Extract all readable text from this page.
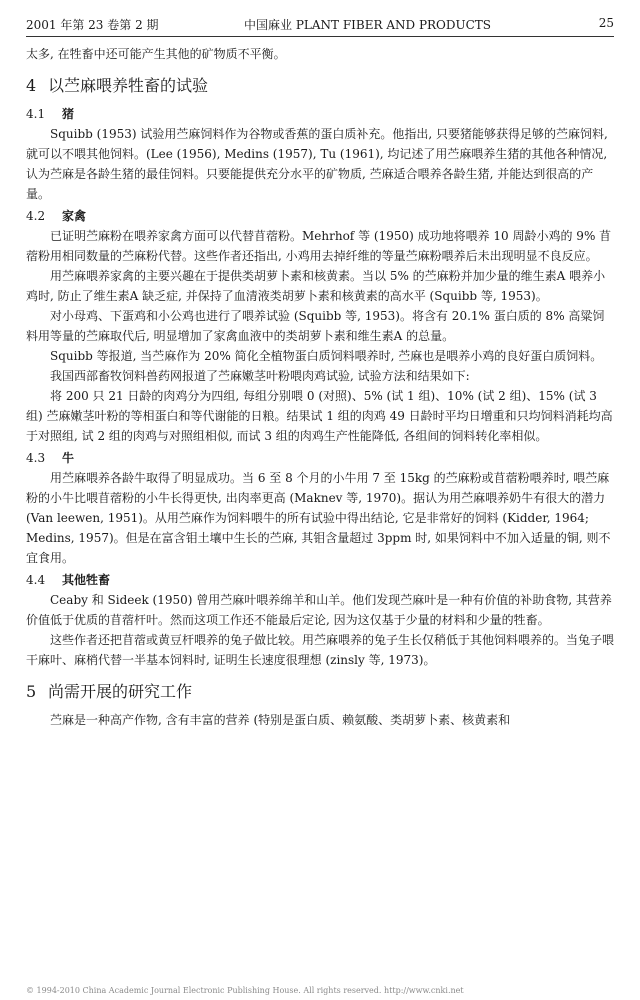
2001 年第 23 卷第 2 期	中国麻业 PLANT FIBER AND PRODUCTS	25

太多, 在牲畜中还可能产生其他的矿物质不平衡。

4 以苎麻喂养牲畜的试验
4.1 猪

Squibb (1953) 试验用苎麻饲料作为谷物或香蕉的蛋白质补充。他指出, 只要猪能够获得足够的苎麻饲料, 就可以不喂其他饲料。(Lee (1956), Medins (1957), Tu (1961), 均记述了用苎麻喂养生猪的其他各种情况, 认为苎麻是各龄生猪的最佳饲料。只要能提供充分水平的矿物质, 苎麻适合喂养各龄生猪, 并能达到很高的产量。

4.2 家禽

已证明苎麻粉在喂养家禽方面可以代替苜蓿粉。Mehrhof 等 (1950) 成功地将喂养 10 周龄小鸡的 9% 苜蓿粉用相同数量的苎麻粉代替。这些作者还指出, 小鸡用去掉纤维的等量苎麻粉喂养后未出现明显不良反应。

用苎麻喂养家禽的主要兴趣在于提供类胡萝卜素和核黄素。当以 5% 的苎麻粉并加少量的维生素A 喂养小鸡时, 防止了维生素A 缺乏症, 并保持了血清液类胡萝卜素和核黄素的高水平 (Squibb 等, 1953)。

对小母鸡、下蛋鸡和小公鸡也进行了喂养试验 (Squibb 等, 1953)。将含有 20.1% 蛋白质的 8% 高粱饲料用等量的苎麻取代后, 明显增加了家禽血液中的类胡萝卜素和维生素A 的总量。

Squibb 等报道, 当苎麻作为 20% 简化全植物蛋白质饲料喂养时, 苎麻也是喂养小鸡的良好蛋白质饲料。

我国西部畜牧饲料兽药网报道了苎麻嫩茎叶粉喂肉鸡试验, 试验方法和结果如下:

将 200 只 21 日龄的肉鸡分为四组, 每组分别喂 0 (对照)、5% (试 1 组)、10% (试 2 组)、15% (试 3 组) 苎麻嫩茎叶粉的等相蛋白和等代谢能的日粮。结果试 1 组的肉鸡 49 日龄时平均日增重和只均饲料消耗均高于对照组, 试 2 组的肉鸡与对照组相似, 而试 3 组的肉鸡生产性能降低, 各组间的饲料转化率相似。

4.3 牛

用苎麻喂养各龄牛取得了明显成功。当 6 至 8 个月的小牛用 7 至 15kg 的苎麻粉或苜蓿粉喂养时, 喂苎麻粉的小牛比喂苜蓿粉的小牛长得更快, 出肉率更高 (Maknev 等, 1970)。据认为用苎麻喂养奶牛有很大的潜力 (Van leewen, 1951)。从用苎麻作为饲料喂牛的所有试验中得出结论, 它是非常好的饲料 (Kidder, 1964; Medins, 1957)。但是在富含钼土壤中生长的苎麻, 其钼含量超过 3ppm 时, 如果饲料中不加入适量的铜, 则不宜食用。

4.4 其他牲畜

Ceaby 和 Sideek (1950) 曾用苎麻叶喂养绵羊和山羊。他们发现苎麻叶是一种有价值的补助食物, 其营养价值低于优质的苜蓿杆叶。然而这项工作还不能最后定论, 因为这仅基于少量的材料和少量的牲畜。

这些作者还把苜蓿或黄豆杆喂养的兔子做比较。用苎麻喂养的兔子生长仅稍低于其他饲料喂养的。当兔子喂干麻叶、麻梢代替一半基本饲料时, 证明生长速度很理想 (zinsly 等, 1973)。

5 尚需开展的研究工作

苎麻是一种高产作物, 含有丰富的营养 (特别是蛋白质、赖氨酸、类胡萝卜素、核黄素和

© 1994-2010 China Academic Journal Electronic Publishing House. All rights reserved. http://www.cnki.net
